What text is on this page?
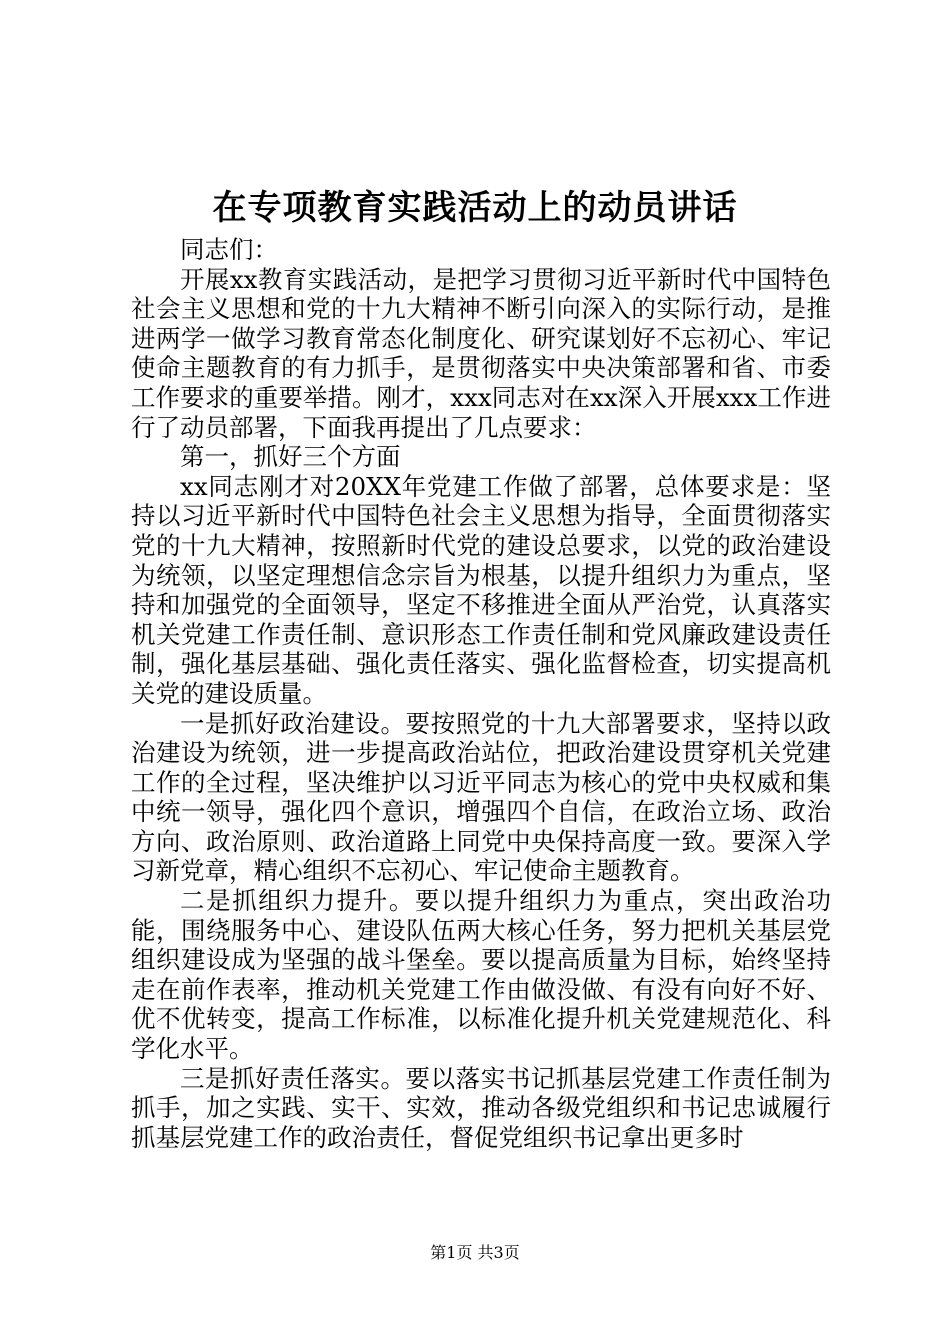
在专项教育实践活动上的动员讲话

同志们：

开展xx教育实践活动，是把学习贯彻习近平新时代中国特色社会主义思想和党的十九大精神不断引向深入的实际行动，是推进两学一做学习教育常态化制度化、研究谋划好不忘初心、牢记使命主题教育的有力抓手，是贯彻落实中央决策部署和省、市委工作要求的重要举措。刚才，xxx同志对在xx深入开展xxx工作进行了动员部署，下面我再提出了几点要求：

第一，抓好三个方面

xx同志刚才对20XX年党建工作做了部署，总体要求是：坚持以习近平新时代中国特色社会主义思想为指导，全面贯彻落实党的十九大精神，按照新时代党的建设总要求，以党的政治建设为统领，以坚定理想信念宗旨为根基，以提升组织力为重点，坚持和加强党的全面领导，坚定不移推进全面从严治党，认真落实机关党建工作责任制、意识形态工作责任制和党风廉政建设责任制，强化基层基础、强化责任落实、强化监督检查，切实提高机关党的建设质量。

一是抓好政治建设。要按照党的十九大部署要求，坚持以政治建设为统领，进一步提高政治站位，把政治建设贯穿机关党建工作的全过程，坚决维护以习近平同志为核心的党中央权威和集中统一领导，强化四个意识，增强四个自信，在政治立场、政治方向、政治原则、政治道路上同党中央保持高度一致。要深入学习新党章，精心组织不忘初心、牢记使命主题教育。

二是抓组织力提升。要以提升组织力为重点，突出政治功能，围绕服务中心、建设队伍两大核心任务，努力把机关基层党组织建设成为坚强的战斗堡垒。要以提高质量为目标，始终坚持走在前作表率，推动机关党建工作由做没做、有没有向好不好、优不优转变，提高工作标准，以标准化提升机关党建规范化、科学化水平。

三是抓好责任落实。要以落实书记抓基层党建工作责任制为抓手，加之实践、实干、实效，推动各级党组织和书记忠诚履行抓基层党建工作的政治责任，督促党组织书记拿出更多时

第1页 共3页
